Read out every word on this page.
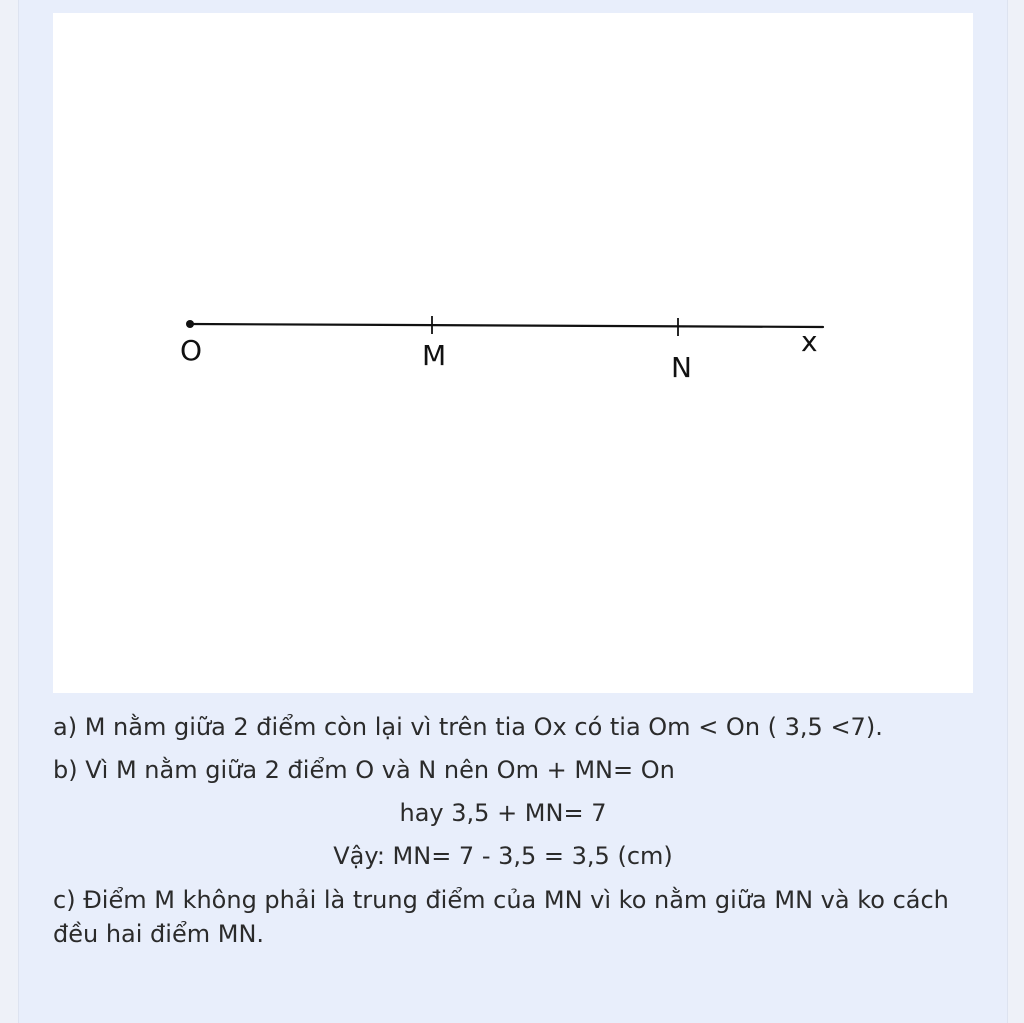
O	M	N
x
a) M nằm giữa 2 điểm còn lại vì trên tia Ox có tia Om < On ( 3,5 <7).
b) Vì M nằm giữa 2 điểm O và N nên Om + MN= On
hay 3,5 + MN= 7
Vậy: MN= 7 - 3,5 = 3,5 (cm)
c) Điểm M không phải là trung điểm của MN vì ko nằm giữa MN và ko cách đều hai điểm MN.
